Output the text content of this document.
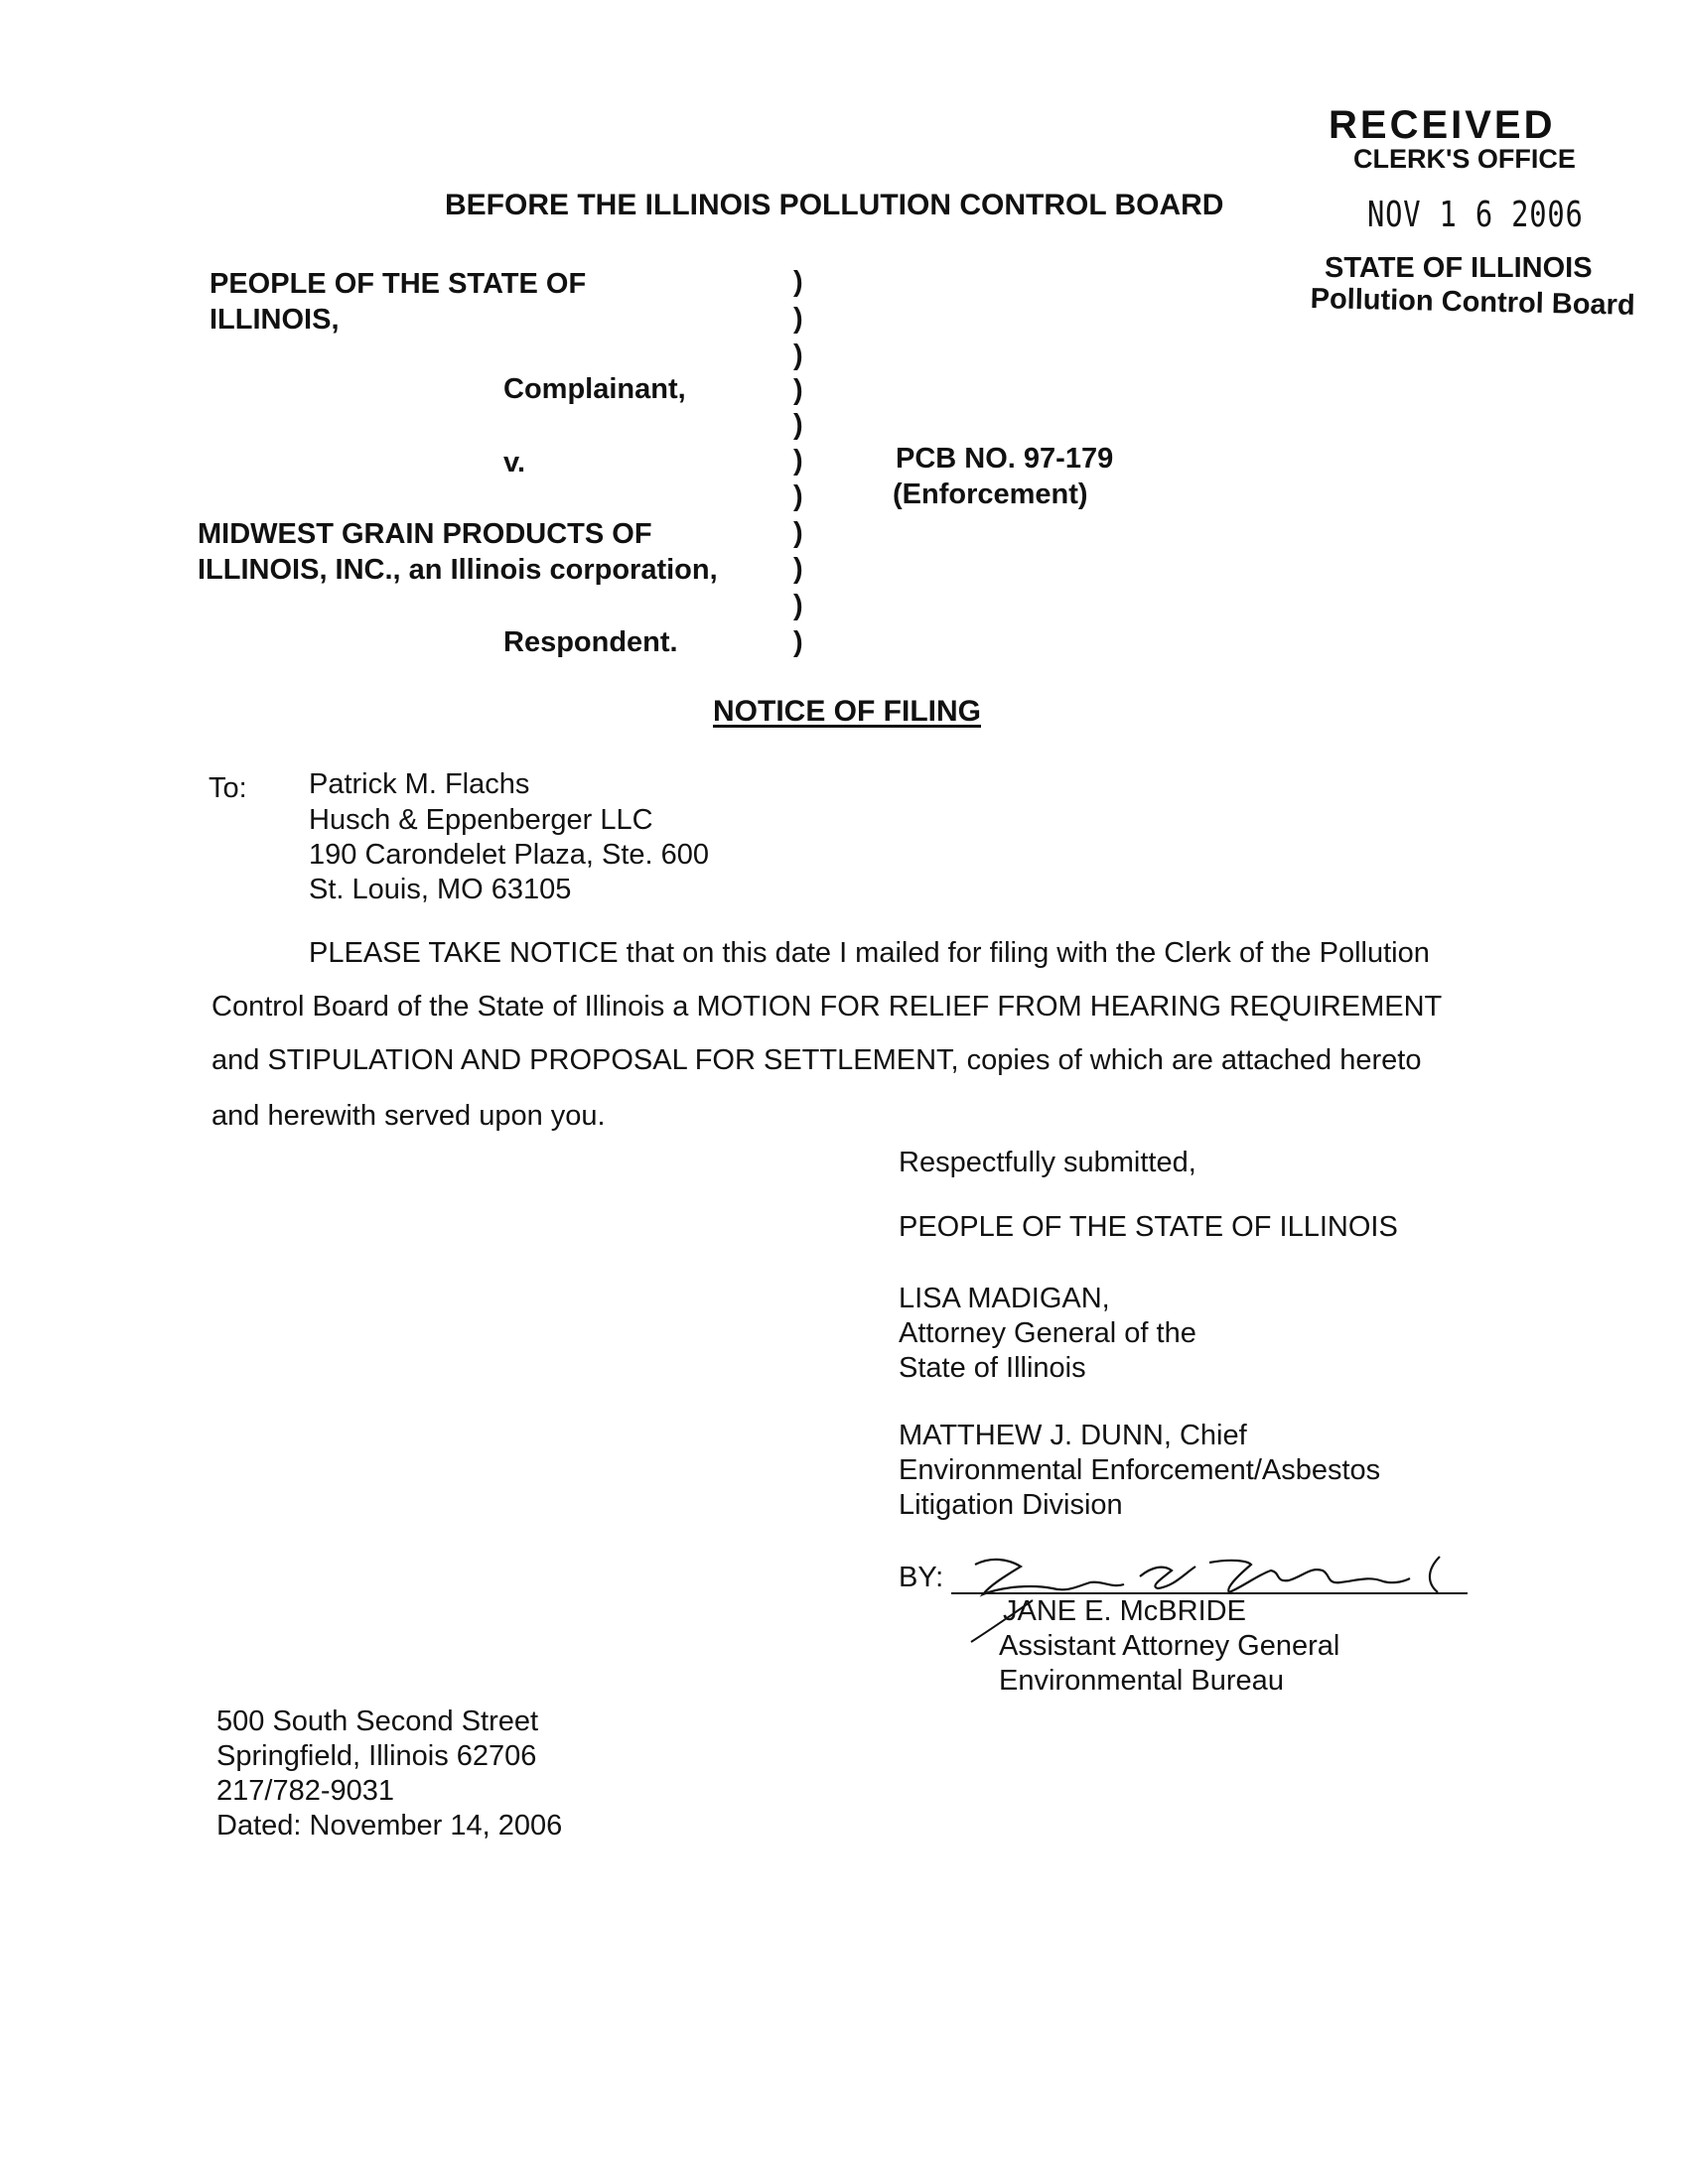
RECEIVED
CLERK'S OFFICE
NOV 1 6 2006
STATE OF ILLINOIS
Pollution Control Board
BEFORE THE ILLINOIS POLLUTION CONTROL BOARD
PEOPLE OF THE STATE OF
ILLINOIS,
Complainant,
v.
MIDWEST GRAIN PRODUCTS OF
ILLINOIS, INC., an Illinois corporation,
Respondent.
PCB NO. 97-179
(Enforcement)
)
)
)
)
)
)
)
)
)
)
)
NOTICE OF FILING
To: Patrick M. Flachs
Husch & Eppenberger LLC
190 Carondelet Plaza, Ste. 600
St. Louis, MO 63105
PLEASE TAKE NOTICE that on this date I mailed for filing with the Clerk of the Pollution
Control Board of the State of Illinois a MOTION FOR RELIEF FROM HEARING REQUIREMENT
and STIPULATION AND PROPOSAL FOR SETTLEMENT, copies of which are attached hereto
and herewith served upon you.
Respectfully submitted,
PEOPLE OF THE STATE OF ILLINOIS
LISA MADIGAN,
Attorney General of the
State of Illinois
MATTHEW J. DUNN, Chief
Environmental Enforcement/Asbestos
Litigation Division
BY:
JANE E. McBRIDE
Assistant Attorney General
Environmental Bureau
500 South Second Street
Springfield, Illinois 62706
217/782-9031
Dated: November 14, 2006
